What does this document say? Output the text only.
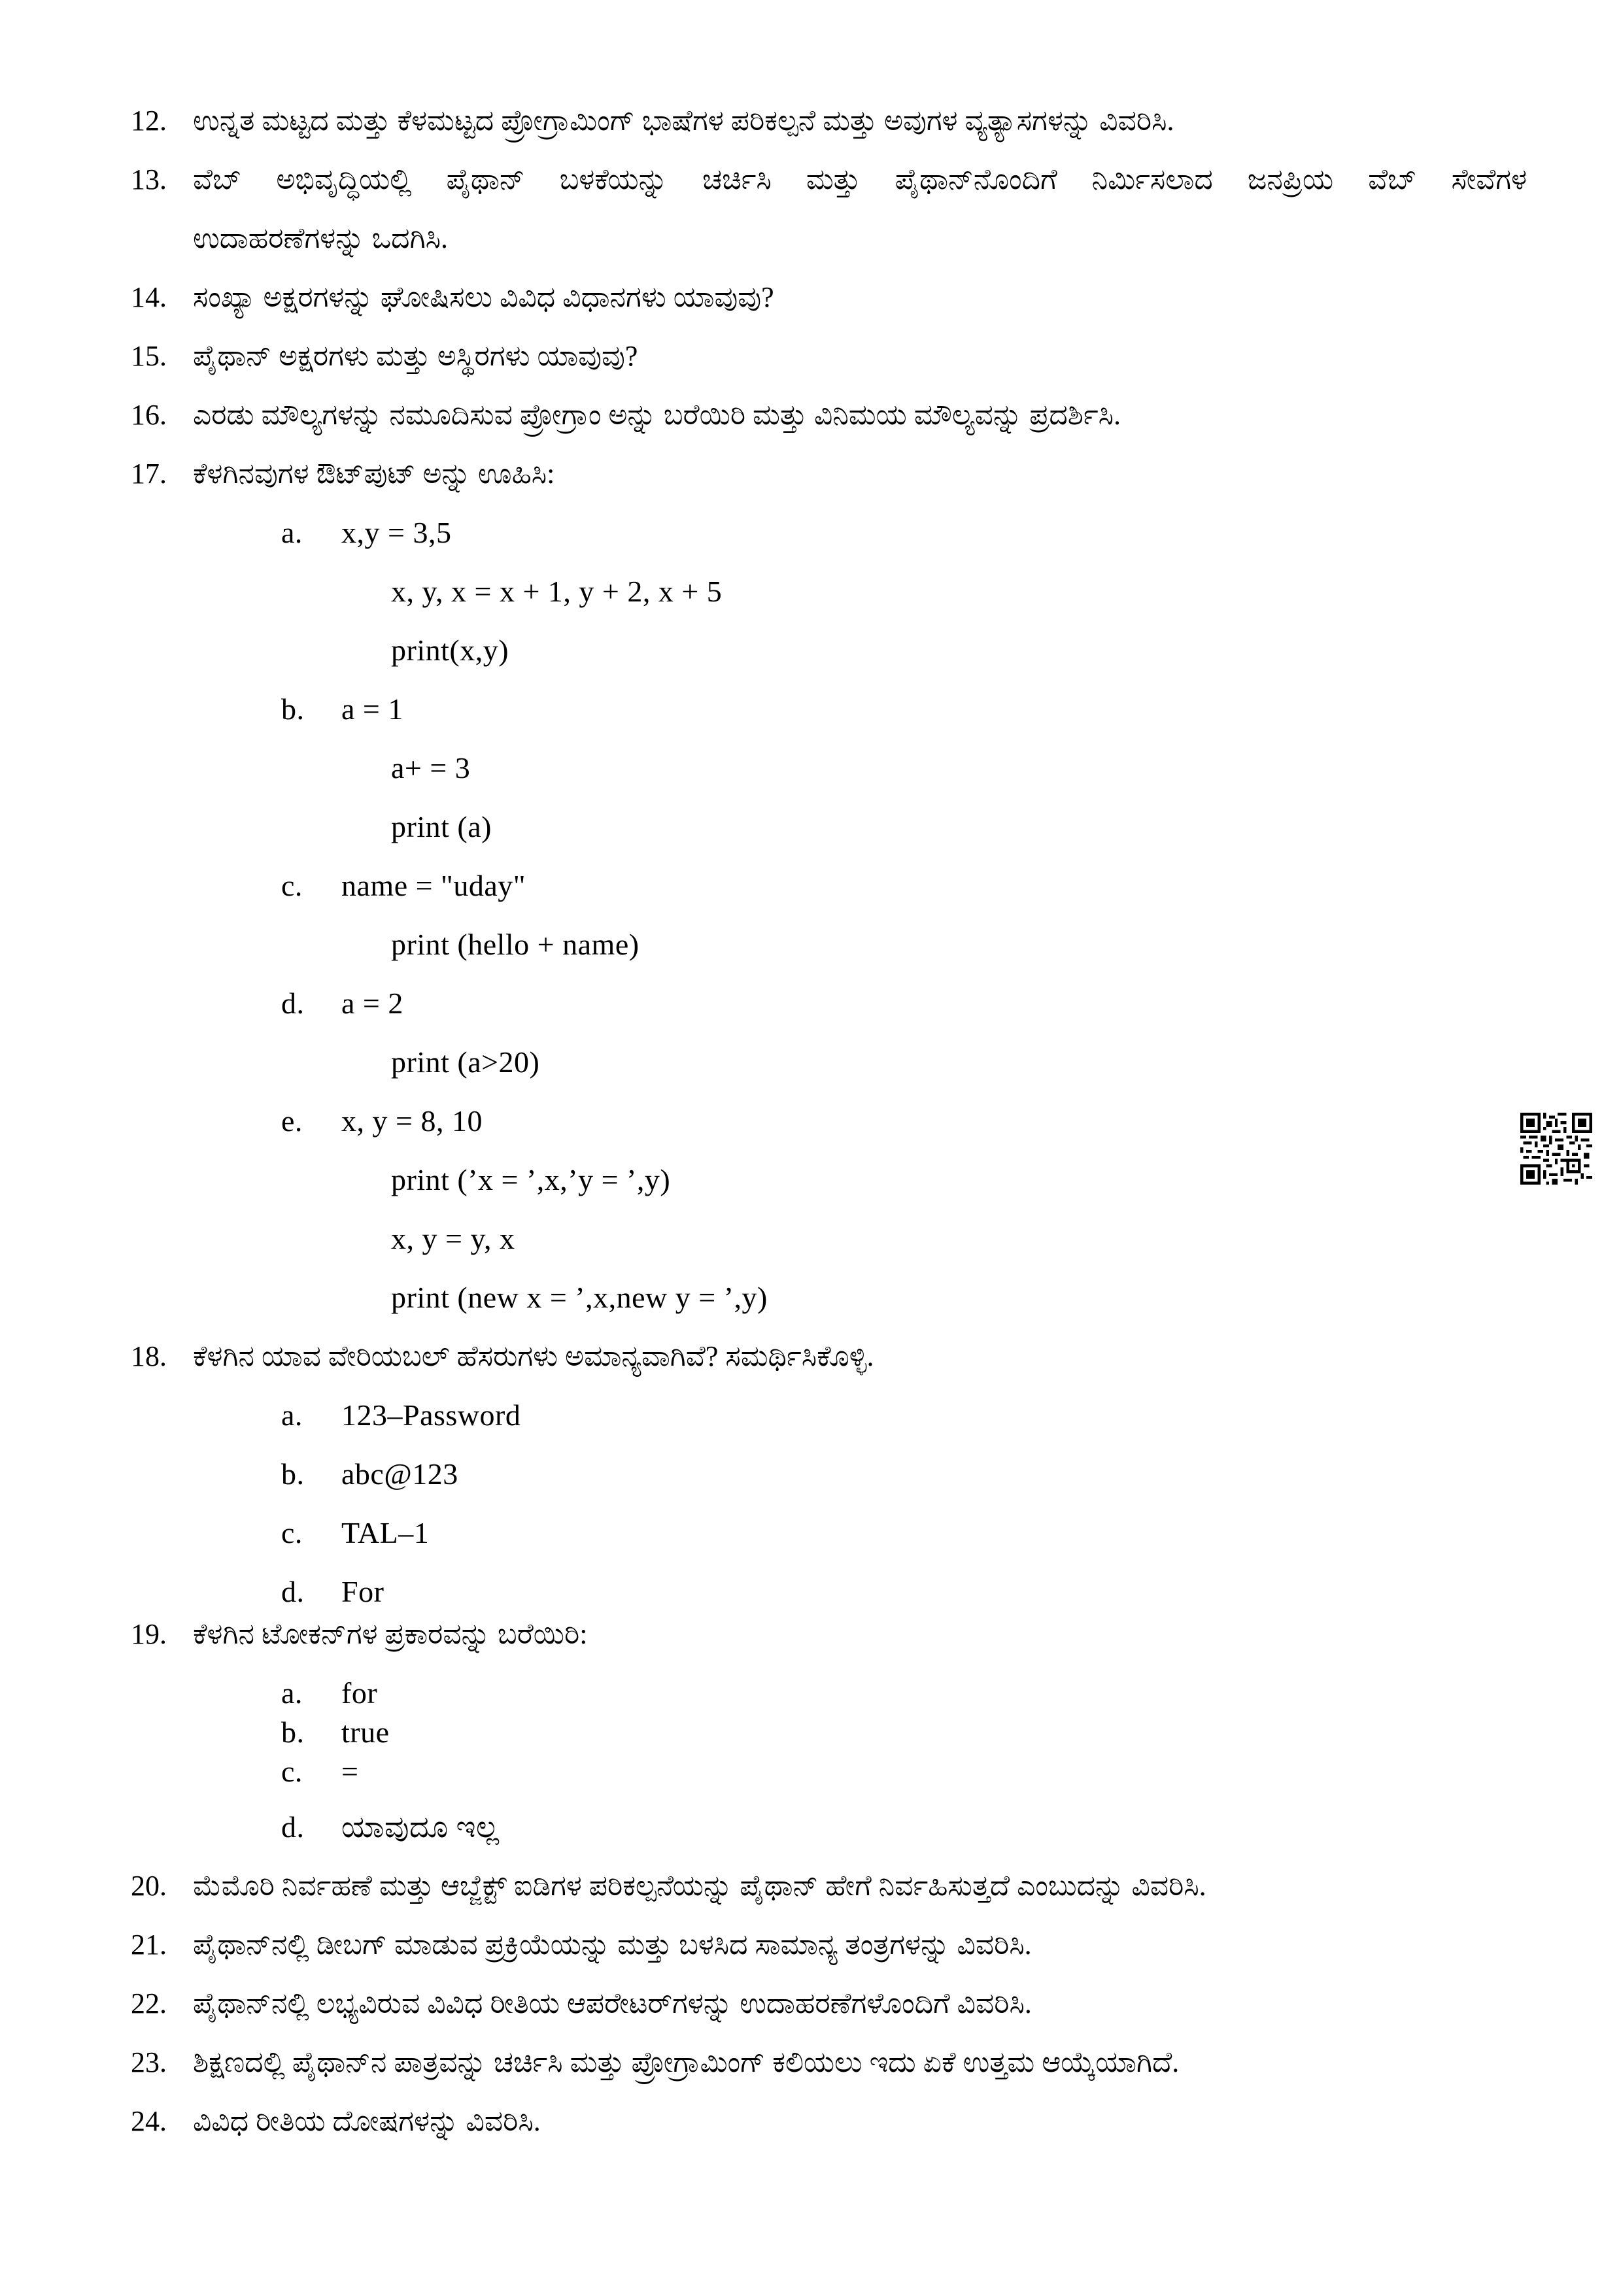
12. ಉನ್ನತ ಮಟ್ಟದ ಮತ್ತು ಕೆಳಮಟ್ಟದ ಪ್ರೋಗ್ರಾಮಿಂಗ್ ಭಾಷೆಗಳ ಪರಿಕಲ್ಪನೆ ಮತ್ತು ಅವುಗಳ ವ್ಯತ್ಯಾಸಗಳನ್ನು ವಿವರಿಸಿ.
13. ವೆಬ್ ಅಭಿವೃದ್ಧಿಯಲ್ಲಿ ಪೈಥಾನ್ ಬಳಕೆಯನ್ನು ಚರ್ಚಿಸಿ ಮತ್ತು ಪೈಥಾನ್‌ನೊಂದಿಗೆ ನಿರ್ಮಿಸಲಾದ ಜನಪ್ರಿಯ ವೆಬ್ ಸೇವೆಗಳ
ಉದಾಹರಣೆಗಳನ್ನು ಒದಗಿಸಿ.
14. ಸಂಖ್ಯಾ ಅಕ್ಷರಗಳನ್ನು ಘೋಷಿಸಲು ವಿವಿಧ ವಿಧಾನಗಳು ಯಾವುವು?
15. ಪೈಥಾನ್ ಅಕ್ಷರಗಳು ಮತ್ತು ಅಸ್ಥಿರಗಳು ಯಾವುವು?
16. ಎರಡು ಮೌಲ್ಯಗಳನ್ನು ನಮೂದಿಸುವ ಪ್ರೋಗ್ರಾಂ ಅನ್ನು ಬರೆಯಿರಿ ಮತ್ತು ವಿನಿಮಯ ಮೌಲ್ಯವನ್ನು ಪ್ರದರ್ಶಿಸಿ.
17. ಕೆಳಗಿನವುಗಳ ಔಟ್‌ಪುಟ್ ಅನ್ನು ಊಹಿಸಿ:
a. x,y = 3,5
x, y, x = x + 1, y + 2, x + 5
print(x,y)
b. a = 1
a+ = 3
print (a)
c. name = "uday"
print (hello + name)
d. a = 2
print (a>20)
e. x, y = 8, 10
print (’x = ’,x,’y = ’,y)
x, y = y, x
print (new x = ’,x,new y = ’,y)
18. ಕೆಳಗಿನ ಯಾವ ವೇರಿಯಬಲ್ ಹೆಸರುಗಳು ಅಮಾನ್ಯವಾಗಿವೆ? ಸಮರ್ಥಿಸಿಕೊಳ್ಳಿ.
a. 123–Password
b. abc@123
c. TAL–1
d. For
19. ಕೆಳಗಿನ ಟೋಕನ್‌ಗಳ ಪ್ರಕಾರವನ್ನು ಬರೆಯಿರಿ:
a. for
b. true
c. =
d. ಯಾವುದೂ ಇಲ್ಲ
20. ಮೆಮೊರಿ ನಿರ್ವಹಣೆ ಮತ್ತು ಆಬ್ಜೆಕ್ಟ್ ಐಡಿಗಳ ಪರಿಕಲ್ಪನೆಯನ್ನು ಪೈಥಾನ್ ಹೇಗೆ ನಿರ್ವಹಿಸುತ್ತದೆ ಎಂಬುದನ್ನು ವಿವರಿಸಿ.
21. ಪೈಥಾನ್‌ನಲ್ಲಿ ಡೀಬಗ್ ಮಾಡುವ ಪ್ರಕ್ರಿಯೆಯನ್ನು ಮತ್ತು ಬಳಸಿದ ಸಾಮಾನ್ಯ ತಂತ್ರಗಳನ್ನು ವಿವರಿಸಿ.
22. ಪೈಥಾನ್‌ನಲ್ಲಿ ಲಭ್ಯವಿರುವ ವಿವಿಧ ರೀತಿಯ ಆಪರೇಟರ್‌ಗಳನ್ನು ಉದಾಹರಣೆಗಳೊಂದಿಗೆ ವಿವರಿಸಿ.
23. ಶಿಕ್ಷಣದಲ್ಲಿ ಪೈಥಾನ್‌ನ ಪಾತ್ರವನ್ನು ಚರ್ಚಿಸಿ ಮತ್ತು ಪ್ರೋಗ್ರಾಮಿಂಗ್ ಕಲಿಯಲು ಇದು ಏಕೆ ಉತ್ತಮ ಆಯ್ಕೆಯಾಗಿದೆ.
24. ವಿವಿಧ ರೀತಿಯ ದೋಷಗಳನ್ನು ವಿವರಿಸಿ.
